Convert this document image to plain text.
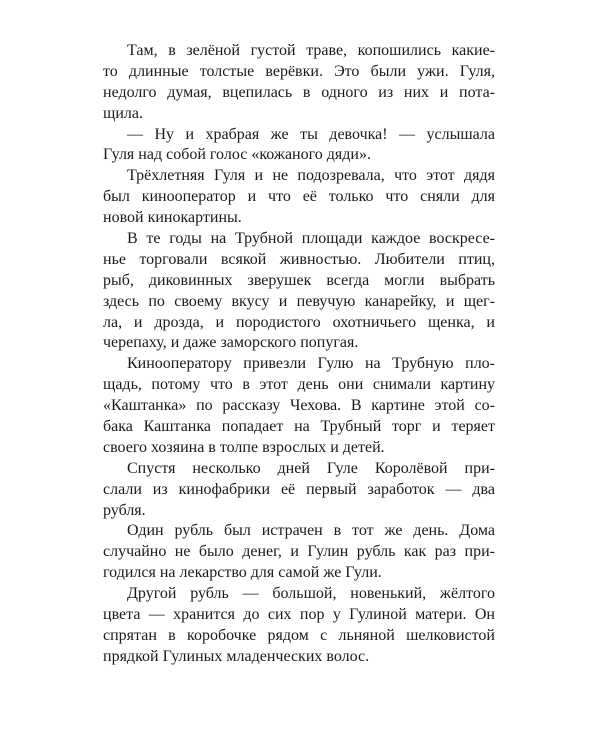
Там, в зелёной густой траве, копошились какие-
то длинные толстые верёвки. Это были ужи. Гуля,
недолго думая, вцепилась в одного из них и пота-
щила.
— Ну и храбрая же ты девочка! — услышала
Гуля над собой голос «кожаного дяди».
Трёхлетняя Гуля и не подозревала, что этот дядя
был кинооператор и что её только что сняли для
новой кинокартины.
В те годы на Трубной площади каждое воскресе-
нье торговали всякой живностью. Любители птиц,
рыб, диковинных зверушек всегда могли выбрать
здесь по своему вкусу и певучую канарейку, и щег-
ла, и дрозда, и породистого охотничьего щенка, и
черепаху, и даже заморского попугая.
Кинооператору привезли Гулю на Трубную пло-
щадь, потому что в этот день они снимали картину
«Каштанка» по рассказу Чехова. В картине этой со-
бака Каштанка попадает на Трубный торг и теряет
своего хозяина в толпе взрослых и детей.
Спустя несколько дней Гуле Королёвой при-
слали из кинофабрики её первый заработок — два
рубля.
Один рубль был истрачен в тот же день. Дома
случайно не было денег, и Гулин рубль как раз при-
годился на лекарство для самой же Гули.
Другой рубль — большой, новенький, жёлтого
цвета — хранится до сих пор у Гулиной матери. Он
спрятан в коробочке рядом с льняной шелковистой
прядкой Гулиных младенческих волос.
